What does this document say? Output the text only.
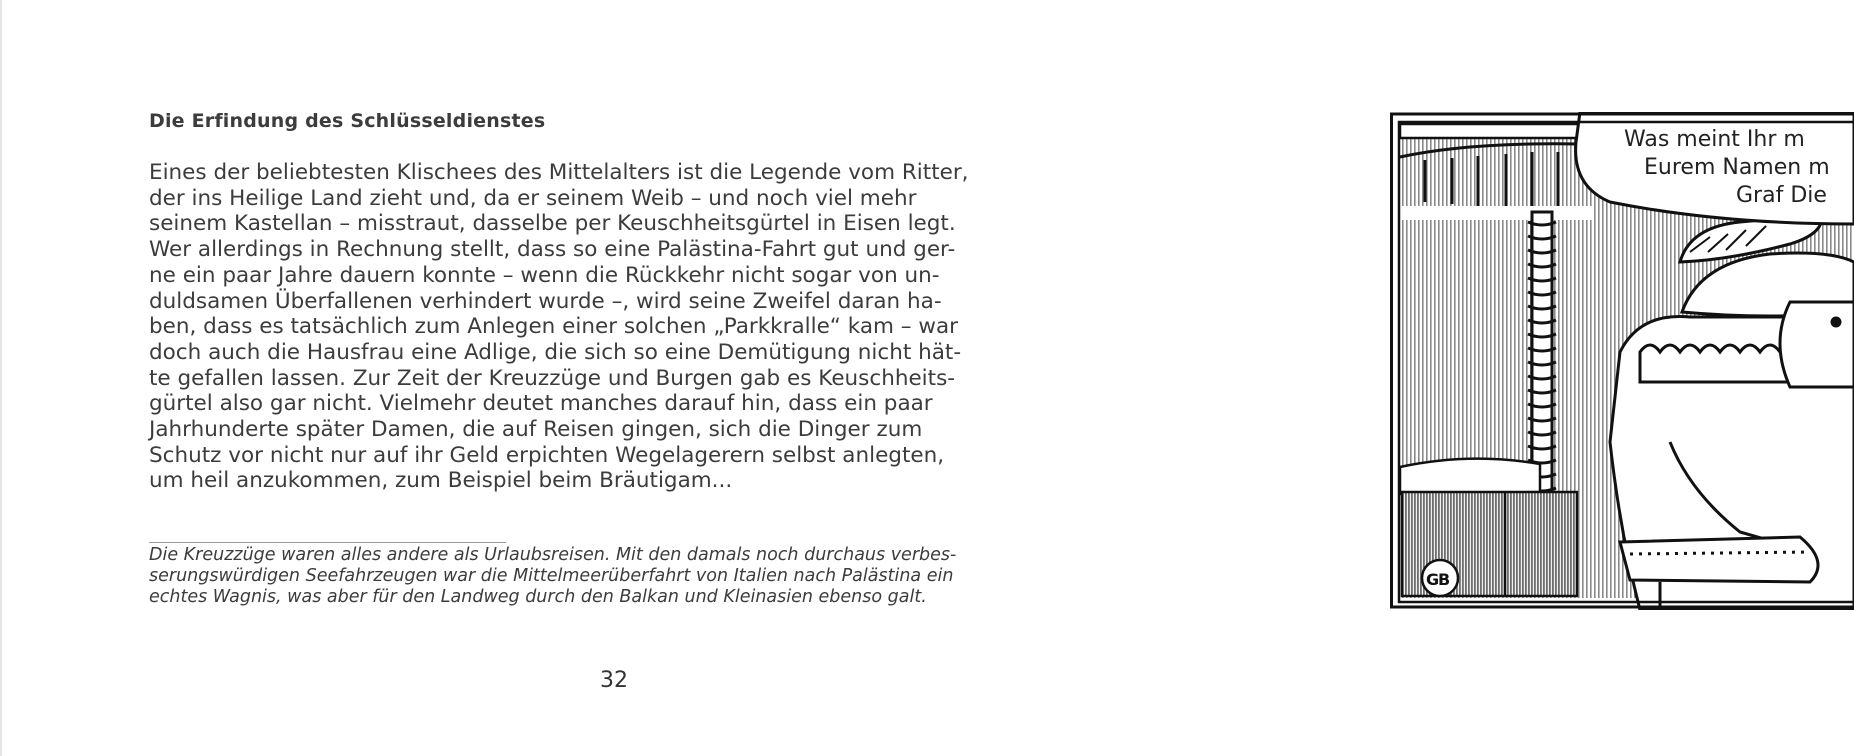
Die Erfindung des Schlüsseldienstes
Eines der beliebtesten Klischees des Mittelalters ist die Legende vom Ritter,
der ins Heilige Land zieht und, da er seinem Weib – und noch viel mehr
seinem Kastellan – misstraut, dasselbe per Keuschheitsgürtel in Eisen legt.
Wer allerdings in Rechnung stellt, dass so eine Palästina-Fahrt gut und ger-
ne ein paar Jahre dauern konnte – wenn die Rückkehr nicht sogar von un-
duldsamen Überfallenen verhindert wurde –, wird seine Zweifel daran ha-
ben, dass es tatsächlich zum Anlegen einer solchen „Parkkralle“ kam – war
doch auch die Hausfrau eine Adlige, die sich so eine Demütigung nicht hät-
te gefallen lassen. Zur Zeit der Kreuzzüge und Burgen gab es Keuschheits-
gürtel also gar nicht. Vielmehr deutet manches darauf hin, dass ein paar
Jahrhunderte später Damen, die auf Reisen gingen, sich die Dinger zum
Schutz vor nicht nur auf ihr Geld erpichten Wegelagerern selbst anlegten,
um heil anzukommen, zum Beispiel beim Bräutigam...
Die Kreuzzüge waren alles andere als Urlaubsreisen. Mit den damals noch durchaus verbes-
serungswürdigen Seefahrzeugen war die Mittelmeerüberfahrt von Italien nach Palästina ein
echtes Wagnis, was aber für den Landweg durch den Balkan und Kleinasien ebenso galt.
32
Was meint Ihr m
Eurem Namen m
Graf Die
G
B
